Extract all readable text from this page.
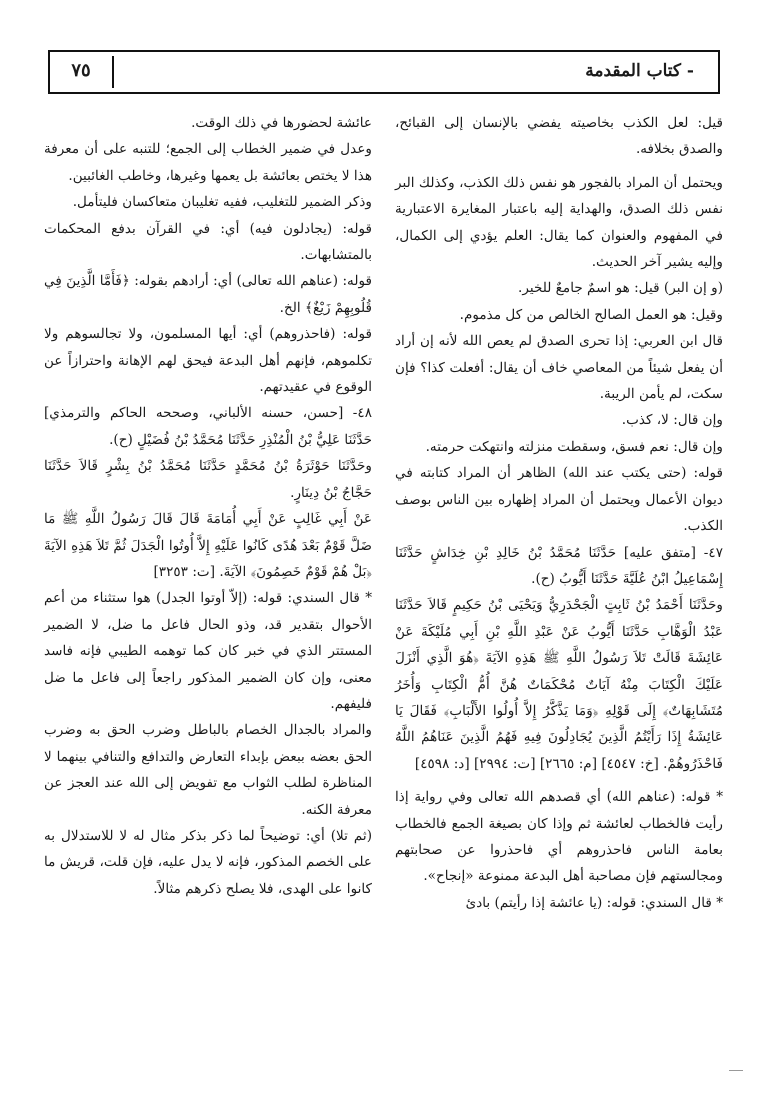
- كتاب المقدمة
٧٥

قيل: لعل الكذب بخاصيته يفضي بالإنسان إلى القبائح، والصدق بخلافه.

ويحتمل أن المراد بالفجور هو نفس ذلك الكذب، وكذلك البر نفس ذلك الصدق، والهداية إليه باعتبار المغايرة الاعتبارية في المفهوم والعنوان كما يقال: العلم يؤدي إلى الكمال، وإليه يشير آخر الحديث.

(و إن البر) قيل: هو اسمٌ جامعٌ للخير.

وقيل: هو العمل الصالح الخالص من كل مذموم.

قال ابن العربي: إذا تحرى الصدق لم يعص الله لأنه إن أراد أن يفعل شيئاً من المعاصي خاف أن يقال: أفعلت كذا؟ فإن سكت، لم يأمن الريبة.

وإن قال: لا، كذب.

وإن قال: نعم فسق، وسقطت منزلته وانتهكت حرمته.

قوله: (حتى يكتب عند الله) الظاهر أن المراد كتابته في ديوان الأعمال ويحتمل أن المراد إظهاره بين الناس بوصف الكذب.

٤٧- [متفق عليه] حَدَّثَنَا مُحَمَّدُ بْنُ خَالِدِ بْنِ خِدَاشٍ حَدَّثَنَا إِسْمَاعِيلُ ابْنُ عُلَيَّةَ حَدَّثَنَا أَيُّوبُ (ح).

وحَدَّثَنَا أَحْمَدُ بْنُ ثَابِتٍ الْجَحْدَرِيُّ وَيَحْيَى بْنُ حَكِيمٍ قَالاَ حَدَّثَنَا عَبْدُ الْوَهَّابِ حَدَّثَنَا أَيُّوبُ عَنْ عَبْدِ اللَّهِ بْنِ أَبِي مُلَيْكَةَ عَنْ عَائِشَةَ قَالَتْ تَلاَ رَسُولُ اللَّهِ ﷺ هَذِهِ الآيَةَ ﴿هُوَ الَّذِي أَنْزَلَ عَلَيْكَ الْكِتَابَ مِنْهُ آيَاتٌ مُحْكَمَاتٌ هُنَّ أُمُّ الْكِتَابِ وَأُخَرُ مُتَشَابِهَاتٌ﴾ إِلَى قَوْلِهِ ﴿وَمَا يَذَّكَّرُ إِلاَّ أُولُوا الأَلْبَابِ﴾ فَقَالَ يَا عَائِشَةُ إِذَا رَأَيْتُمُ الَّذِينَ يُجَادِلُونَ فِيهِ فَهُمُ الَّذِينَ عَنَاهُمُ اللَّهُ فَاحْذَرُوهُمْ. [خ: ٤٥٤٧] [م: ٢٦٦٥] [ت: ٢٩٩٤] [د: ٤٥٩٨]

* قوله: (عناهم الله) أي قصدهم الله تعالى وفي رواية إذا رأيت فالخطاب لعائشة ثم وإذا كان بصيغة الجمع فالخطاب بعامة الناس فاحذروهم أي فاحذروا عن صحابتهم ومجالستهم فإن مصاحبة أهل البدعة ممنوعة «إنجاح».

* قال السندي: قوله: (يا عائشة إذا رأيتم) بادئ

عائشة لحضورها في ذلك الوقت.

وعدل في ضمير الخطاب إلى الجمع؛ للتنبه على أن معرفة هذا لا يختص بعائشة بل يعمها وغيرها، وخاطب الغائبين.

وذكر الضمير للتغليب، ففيه تغليبان متعاكسان فليتأمل.

قوله: (يجادلون فيه) أي: في القرآن بدفع المحكمات بالمتشابهات.

قوله: (عناهم الله تعالى) أي: أرادهم بقوله: ﴿فَأَمَّا الَّذِينَ فِي قُلُوبِهِمْ زَيْغٌ﴾ الخ.

قوله: (فاحذروهم) أي: أيها المسلمون، ولا تجالسوهم ولا تكلموهم، فإنهم أهل البدعة فيحق لهم الإهانة واحترازاً عن الوقوع في عقيدتهم.

٤٨- [حسن، حسنه الألباني، وصححه الحاكم والترمذي] حَدَّثَنَا عَلِيُّ بْنُ الْمُنْذِرِ حَدَّثَنَا مُحَمَّدُ بْنُ فُضَيْلٍ (ح).

وحَدَّثَنَا حَوْثَرَةُ بْنُ مُحَمَّدٍ حَدَّثَنَا مُحَمَّدُ بْنُ بِشْرٍ قَالاَ حَدَّثَنَا حَجَّاجُ بْنُ دِينَارٍ.

عَنْ أَبِي غَالِبٍ عَنْ أَبِي أُمَامَةَ قَالَ قَالَ رَسُولُ اللَّهِ ﷺ مَا ضَلَّ قَوْمٌ بَعْدَ هُدًى كَانُوا عَلَيْهِ إِلاَّ أُوتُوا الْجَدَلَ ثُمَّ تَلاَ هَذِهِ الآيَةَ ﴿بَلْ هُمْ قَوْمٌ خَصِمُونَ﴾ الآيَةَ. [ت: ٣٢٥٣]

* قال السندي: قوله: (إلاّ أوتوا الجدل) هوا ستثناء من أعم الأحوال بتقدير قد، وذو الحال فاعل ما ضل، لا الضمير المستتر الذي في خبر كان كما توهمه الطيبي فإنه فاسد معنى، وإن كان الضمير المذكور راجعاً إلى فاعل ما ضل فليفهم.

والمراد بالجدال الخصام بالباطل وضرب الحق به وضرب الحق بعضه ببعض بإبداء التعارض والتدافع والتنافي بينهما لا المناظرة لطلب الثواب مع تفويض إلى الله عند العجز عن معرفة الكنه.

(ثم تلا) أي: توضيحاً لما ذكر بذكر مثال له لا للاستدلال به على الخصم المذكور، فإنه لا يدل عليه، فإن قلت، قريش ما كانوا على الهدى، فلا يصلح ذكرهم مثالاً.
